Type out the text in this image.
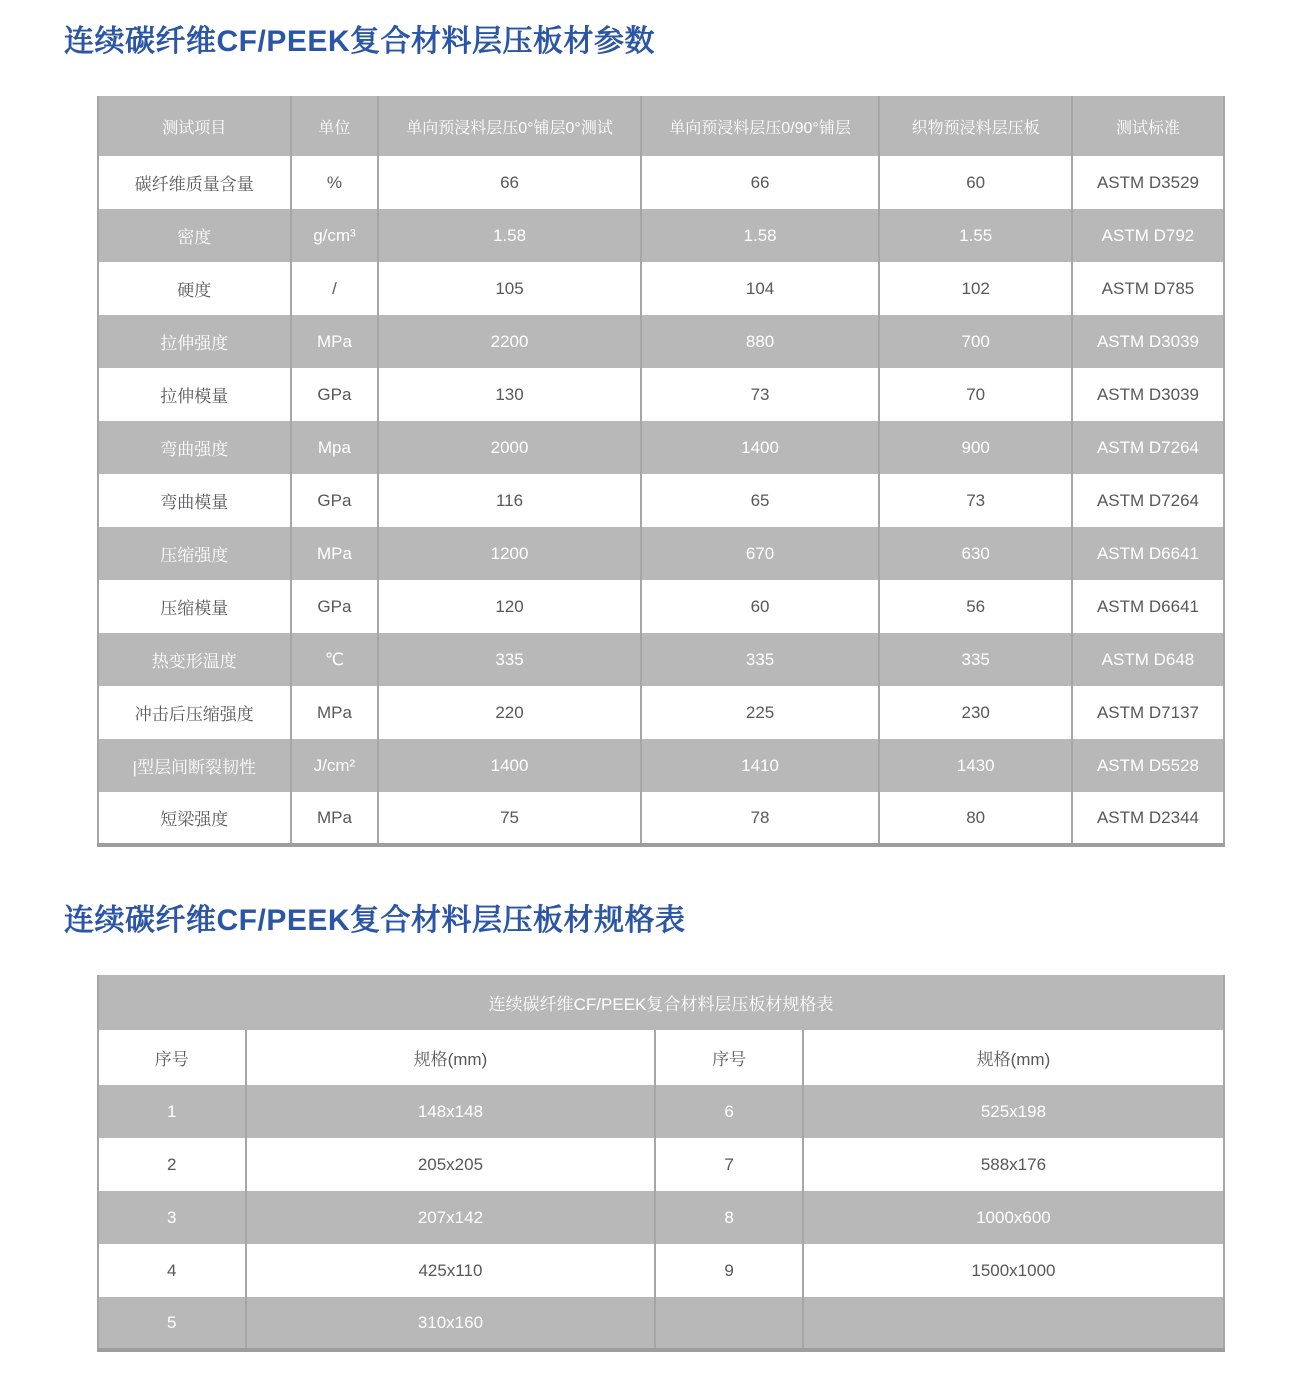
连续碳纤维CF/PEEK复合材料层压板材参数
测试项目	单位	单向预浸料层压0°铺层0°测试	单向预浸料层压0/90°铺层	织物预浸料层压板	测试标准
碳纤维质量含量	%	66	66	60	ASTM D3529
密度	g/cm³	1.58	1.58	1.55	ASTM D792
硬度	/	105	104	102	ASTM D785
拉伸强度	MPa	2200	880	700	ASTM D3039
拉伸模量	GPa	130	73	70	ASTM D3039
弯曲强度	Mpa	2000	1400	900	ASTM D7264
弯曲模量	GPa	116	65	73	ASTM D7264
压缩强度	MPa	1200	670	630	ASTM D6641
压缩模量	GPa	120	60	56	ASTM D6641
热变形温度	℃	335	335	335	ASTM D648
冲击后压缩强度	MPa	220	225	230	ASTM D7137
|型层间断裂韧性	J/cm²	1400	1410	1430	ASTM D5528
短梁强度	MPa	75	78	80	ASTM D2344
连续碳纤维CF/PEEK复合材料层压板材规格表
连续碳纤维CF/PEEK复合材料层压板材规格表			
序号	规格(mm)	序号	规格(mm)
1	148x148	6	525x198
2	205x205	7	588x176
3	207x142	8	1000x600
4	425x110	9	1500x1000
5	310x160		
